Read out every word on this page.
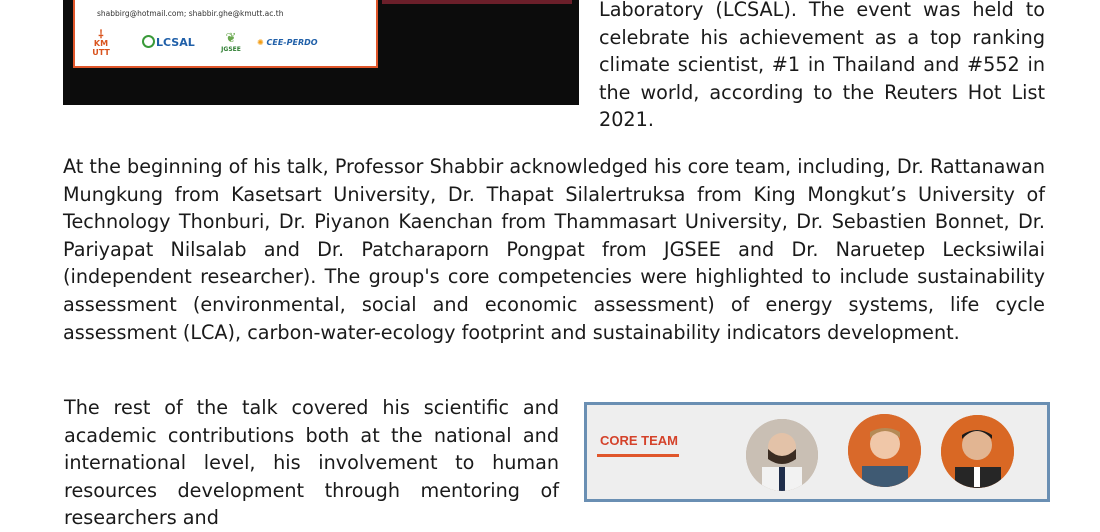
shabbirg@hotmail.com; shabbir.ghe@kmutt.ac.th
⸸
KM UTT
LCSAL	❦
JGSEE
✺ CEE-PERDO
Laboratory (LCSAL). The event was held to celebrate his achievement as a top ranking climate scientist, #1 in Thailand and #552 in the world, according to the Reuters Hot List 2021.
At the beginning of his talk, Professor Shabbir acknowledged his core team, including, Dr. Rattanawan Mungkung from Kasetsart University, Dr. Thapat Silalertruksa from King Mongkut’s University of Technology Thonburi, Dr. Piyanon Kaenchan from Thammasart University, Dr. Sebastien Bonnet, Dr. Pariyapat Nilsalab and Dr. Patcharaporn Pongpat from JGSEE and Dr. Naruetep Lecksiwilai (independent researcher). The group's core competencies were highlighted to include sustainability assessment (environmental, social and economic assessment) of energy systems, life cycle assessment (LCA), carbon-water-ecology footprint and sustainability indicators development.
The rest of the talk covered his scientific and academic contributions both at the national and international level, his involvement to human resources development through mentoring of researchers and
CORE TEAM
